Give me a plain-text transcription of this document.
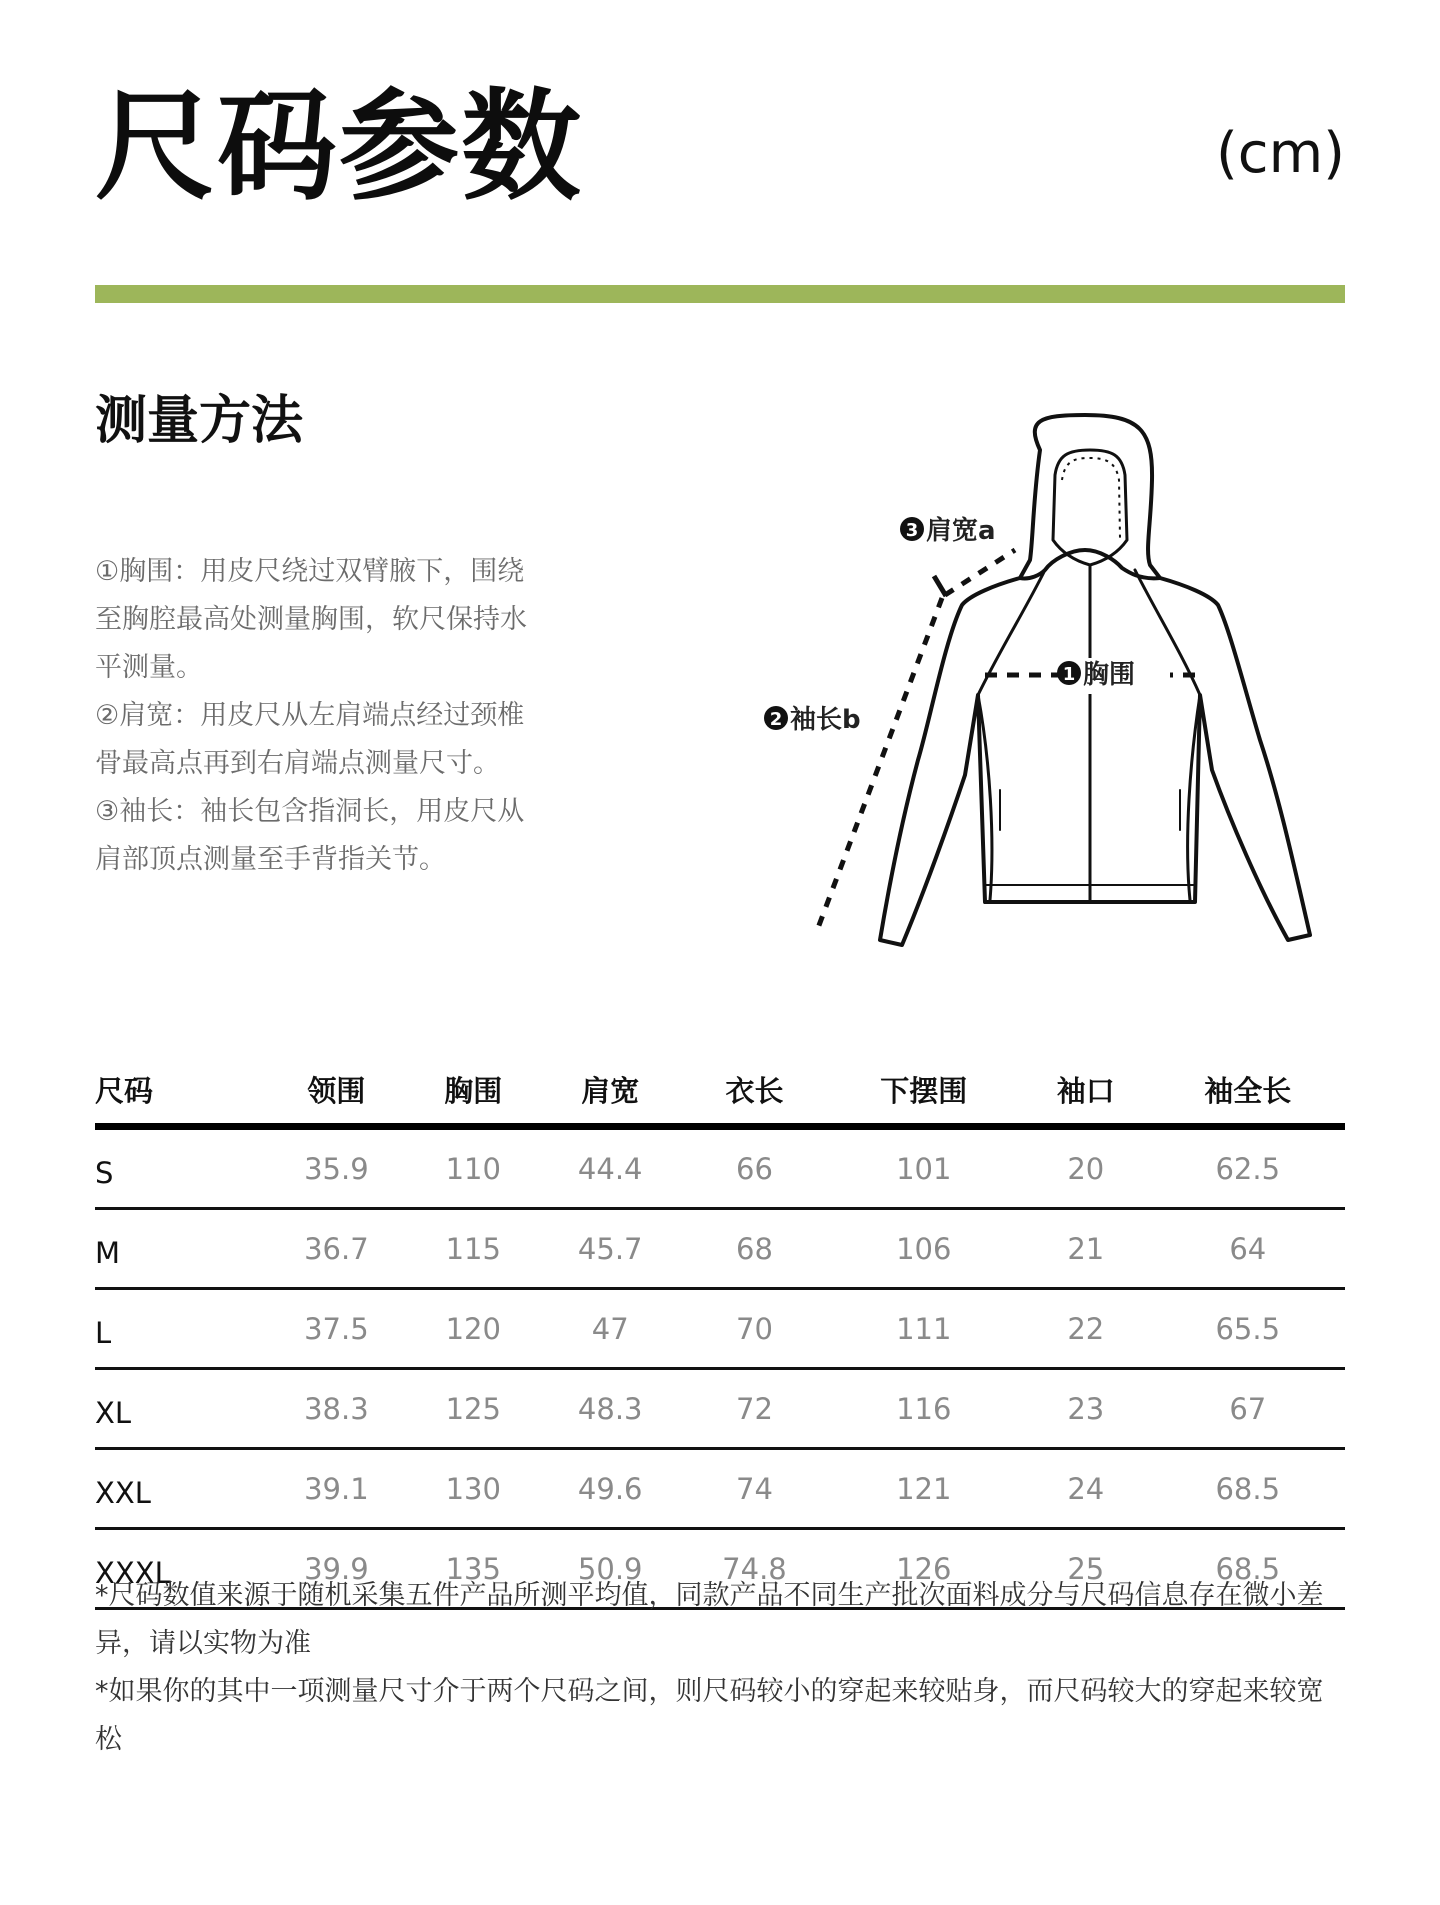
尺码参数	(cm)
测量方法

①胸围：用皮尺绕过双臂腋下，围绕至胸腔最高处测量胸围，软尺保持水平测量。

②肩宽：用皮尺从左肩端点经过颈椎骨最高点再到右肩端点测量尺寸。

③袖长：袖长包含指洞长，用皮尺从肩部顶点测量至手背指关节。

1 胸围
2 袖长b
3 肩宽a
尺码	领围	胸围	肩宽	衣长	下摆围	袖口	袖全长
S	35.9	110	44.4	66	101	20	62.5
M	36.7	115	45.7	68	106	21	64
L	37.5	120	47	70	111	22	65.5
XL	38.3	125	48.3	72	116	23	67
XXL	39.1	130	49.6	74	121	24	68.5
XXXL	39.9	135	50.9	74.8	126	25	68.5

*尺码数值来源于随机采集五件产品所测平均值，同款产品不同生产批次面料成分与尺码信息存在微小差异，请以实物为准

*如果你的其中一项测量尺寸介于两个尺码之间，则尺码较小的穿起来较贴身，而尺码较大的穿起来较宽松
